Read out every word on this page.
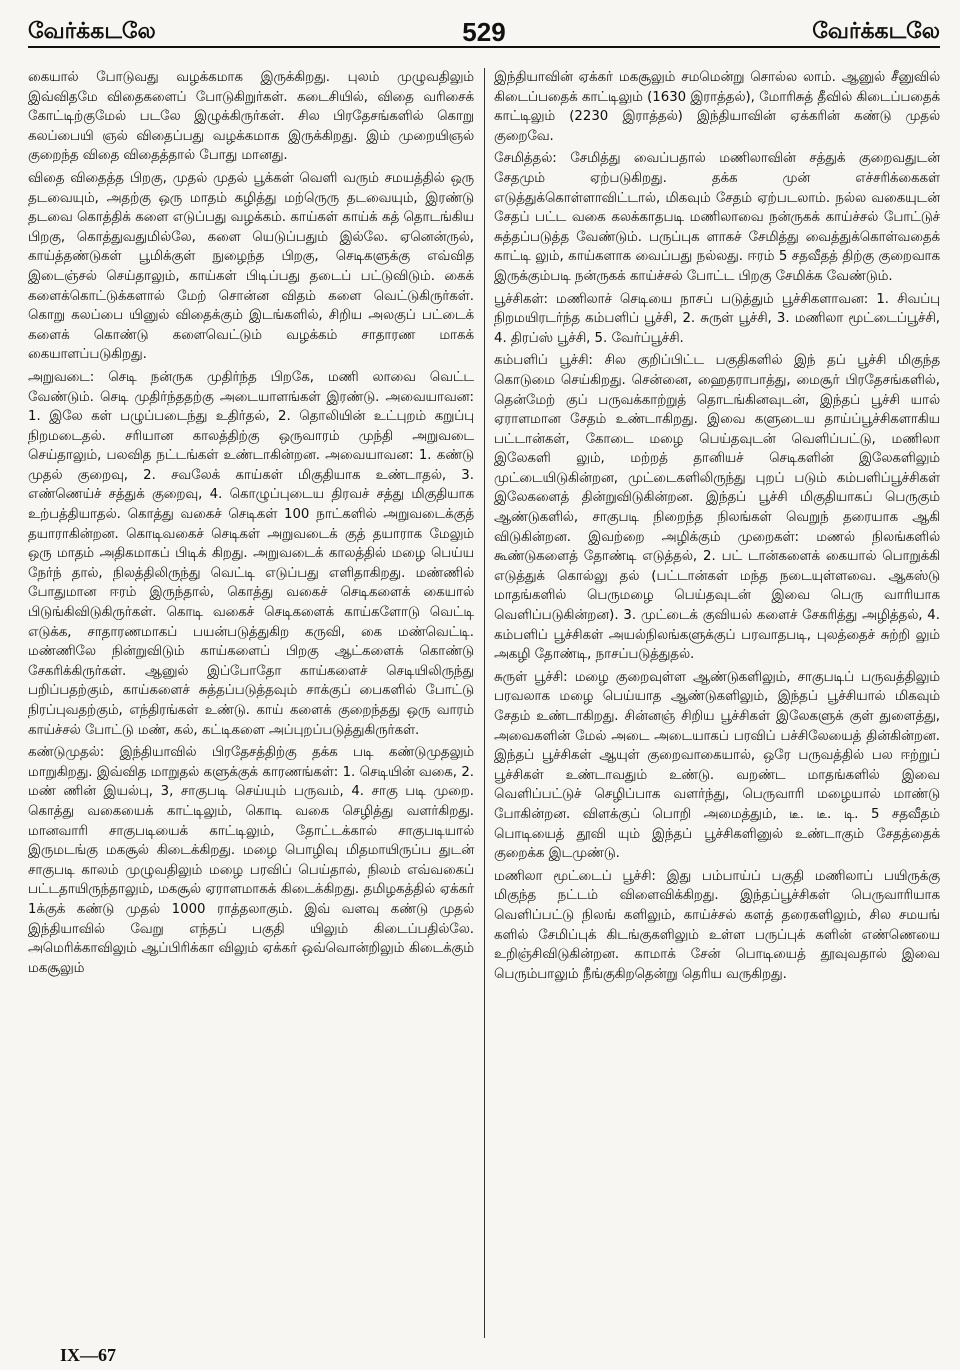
வேர்க்கடலே	529	வேர்க்கடலே

கையால் போடுவது வழக்கமாக இருக்கிறது. புலம் முழுவதிலும் இவ்விதமே விதைகளைப் போடுகிறுர்கள். கடைசியில், விதை வரிசைக் கோட்டிற்குமேல் படலே இழுக்கிருர்கள். சில பிரதேசங்களில் கொறு கலப்பையி ஞல் விதைப்பது வழக்கமாக இருக்கிறது. இம் முறையிஞல் குறைந்த விதை விதைத்தால் போது மானது.

விதை விதைத்த பிறகு, முதல் முதல் பூக்கள் வெளி வரும் சமயத்தில் ஒரு தடவையும், அதற்கு ஒரு மாதம் கழித்து மற்ருெரு தடவையும், இரண்டு தடவை கொத்திக் களை எடுப்பது வழக்கம். காய்கள் காய்க் கத் தொடங்கிய பிறகு, கொத்துவதுமில்லே, களை யெடுப்பதும் இல்லே. ஏனென்ருல், காய்த்தண்டுகள் பூமிக்குள் நுழைந்த பிறகு, செடிகளுக்கு எவ்வித இடைஞ்சல் செய்தாலும், காய்கள் பிடிப்பது தடைப் பட்டுவிடும். கைக் களைக்கொட்டுக்களால் மேற் சொன்ன விதம் களை வெட்டுகிருர்கள். கொறு கலப்பை யினுல் விதைக்கும் இடங்களில், சிறிய அலகுப் பட்டைக் களைக் கொண்டு களைவெட்டும் வழக்கம் சாதாரண மாகக் கையாளப்படுகிறது.

அறுவடை: செடி நன்ருக முதிர்ந்த பிறகே, மணி லாவை வெட்ட வேண்டும். செடி முதிர்ந்ததற்கு அடையாளங்கள் இரண்டு. அவையாவன: 1. இலே கள் பழுப்படைந்து உதிர்தல், 2. தொலியின் உட்புறம் கறுப்பு நிறமடைதல். சரியான காலத்திற்கு ஒருவாரம் முந்தி அறுவடை செய்தாலும், பலவித நட்டங்கள் உண்டாகின்றன. அவையாவன: 1. கண்டு முதல் குறைவு, 2. சவலேக் காய்கள் மிகுதியாக உண்டாதல், 3. எண்ணெய்ச் சத்துக் குறைவு, 4. கொழுப்புடைய திரவச் சத்து மிகுதியாக உற்பத்தியாதல். கொத்து வகைச் செடிகள் 100 நாட்களில் அறுவடைக்குத் தயாராகின்றன. கொடிவகைச் செடிகள் அறுவடைக் குத் தயாராக மேலும் ஒரு மாதம் அதிகமாகப் பிடிக் கிறது. அறுவடைக் காலத்தில் மழை பெய்ய நேர்ந் தால், நிலத்திலிருந்து வெட்டி எடுப்பது எளிதாகிறது. மண்ணில் போதுமான ஈரம் இருந்தால், கொத்து வகைச் செடிகளைக் கையால் பிடுங்கிவிடுகிருர்கள். கொடி வகைச் செடிகளைக் காய்களோடு வெட்டி எடுக்க, சாதாரணமாகப் பயன்படுத்துகிற கருவி, கை மண்வெட்டி. மண்ணிலே நின்றுவிடும் காய்களைப் பிறகு ஆட்களைக் கொண்டு சேகரிக்கிருர்கள். ஆனுல் இப்போதோ காய்களைச் செடியிலிருந்து பறிப்பதற்கும், காய்களைச் சுத்தப்படுத்தவும் சாக்குப் பைகளில் போட்டு நிரப்புவதற்கும், எந்திரங்கள் உண்டு. காய் களைக் குறைந்தது ஒரு வாரம் காய்ச்சல் போட்டு மண், கல், கட்டிகளை அப்புறப்படுத்துகிருர்கள்.

கண்டுமுதல்: இந்தியாவில் பிரதேசத்திற்கு தக்க படி கண்டுமுதலும் மாறுகிறது. இவ்வித மாறுதல் களுக்குக் காரணங்கள்: 1. செடியின் வகை, 2. மண் ணின் இயல்பு, 3, சாகுபடி செய்யும் பருவம், 4. சாகு படி முறை. கொத்து வகையைக் காட்டிலும், கொடி வகை செழித்து வளர்கிறது. மானவாரி சாகுபடியைக் காட்டிலும், தோட்டக்கால் சாகுபடியால் இருமடங்கு மகசூல் கிடைக்கிறது. மழை பொழிவு மிதமாயிருப்ப துடன் சாகுபடி காலம் முழுவதிலும் மழை பரவிப் பெய்தால், நிலம் எவ்வகைப் பட்டதாயிருந்தாலும், மகசூல் ஏராளமாகக் கிடைக்கிறது. தமிழகத்தில் ஏக்கர் 1க்குக் கண்டு முதல் 1000 ராத்தலாகும். இவ் வளவு கண்டு முதல் இந்தியாவில் வேறு எந்தப் பகுதி யிலும் கிடைப்பதில்லே. அமெரிக்காவிலும் ஆப்பிரிக்கா விலும் ஏக்கர் ஒவ்வொன்றிலும் கிடைக்கும் மகசூலும்

இந்தியாவின் ஏக்கர் மகசூலும் சமமென்று சொல்ல லாம். ஆனுல் சீனுவில் கிடைப்பதைக் காட்டிலும் (1630 இராத்தல்), மோரிசுத் தீவில் கிடைப்பதைக் காட்டிலும் (2230 இராத்தல்) இந்தியாவின் ஏக்கரின் கண்டு முதல் குறைவே.

சேமித்தல்: சேமித்து வைப்பதால் மணிலாவின் சத்துக் குறைவதுடன் சேதமும் ஏற்படுகிறது. தக்க முன் எச்சரிக்கைகள் எடுத்துக்கொள்ளாவிட்டால், மிகவும் சேதம் ஏற்படலாம். நல்ல வகையுடன் சேதப் பட்ட வகை கலக்காதபடி மணிலாவை நன்ருகக் காய்ச்சல் போட்டுச் சுத்தப்படுத்த வேண்டும். பருப்புக ளாகச் சேமித்து வைத்துக்கொள்வதைக் காட்டி லும், காய்களாக வைப்பது நல்லது. ஈரம் 5 சதவீதத் திற்கு குறைவாக இருக்கும்படி நன்ருகக் காய்ச்சல் போட்ட பிறகு சேமிக்க வேண்டும்.

பூச்சிகள்: மணிலாச் செடியை நாசப் படுத்தும் பூச்சிகளாவன: 1. சிவப்பு நிறமயிரடர்ந்த கம்பளிப் பூச்சி, 2. சுருள் பூச்சி, 3. மணிலா மூட்டைப்பூச்சி, 4. திரப்ஸ் பூச்சி, 5. வேர்ப்பூச்சி.

கம்பளிப் பூச்சி: சில குறிப்பிட்ட பகுதிகளில் இந் தப் பூச்சி மிகுந்த கொடுமை செய்கிறது. சென்னை, ஹைதராபாத்து, மைசூர் பிரதேசங்களில், தென்மேற் குப் பருவக்காற்றுத் தொடங்கினவுடன், இந்தப் பூச்சி யால் ஏராளமான சேதம் உண்டாகிறது. இவை களுடைய தாய்ப்பூச்சிகளாகிய பட்டான்கள், கோடை மழை பெய்தவுடன் வெளிப்பட்டு, மணிலா இலேகளி லும், மற்றத் தானியச் செடிகளின் இலேகளிலும் முட்டையிடுகின்றன, முட்டைகளிலிருந்து புறப் படும் கம்பளிப்பூச்சிகள் இலேகளைத் தின்றுவிடுகின்றன. இந்தப் பூச்சி மிகுதியாகப் பெருகும் ஆண்டுகளில், சாகுபடி நிறைந்த நிலங்கள் வெறுந் தரையாக ஆகி விடுகின்றன. இவற்றை அழிக்கும் முறைகள்: மணல் நிலங்களில் கூண்டுகளைத் தோண்டி எடுத்தல், 2. பட் டான்களைக் கையால் பொறுக்கி எடுத்துக் கொல்லு தல் (பட்டான்கள் மந்த நடையுள்ளவை. ஆகஸ்டு மாதங்களில் பெருமழை பெய்தவுடன் இவை பெரு வாரியாக வெளிப்படுகின்றன). 3. முட்டைக் குவியல் களைச் சேகரித்து அழித்தல், 4. கம்பளிப் பூச்சிகள் அயல்நிலங்களுக்குப் பரவாதபடி, புலத்தைச் சுற்றி லும் அகழி தோண்டி, நாசப்படுத்துதல்.

சுருள் பூச்சி: மழை குறைவுள்ள ஆண்டுகளிலும், சாகுபடிப் பருவத்திலும் பரவலாக மழை பெய்யாத ஆண்டுகளிலும், இந்தப் பூச்சியால் மிகவும் சேதம் உண்டாகிறது. சின்னஞ் சிறிய பூச்சிகள் இலேகளுக் குள் துளைத்து, அவைகளின் மேல் அடை அடையாகப் பரவிப் பச்சிலேயைத் தின்கின்றன. இந்தப் பூச்சிகள் ஆயுள் குறைவாகையால், ஒரே பருவத்தில் பல ஈற்றுப் பூச்சிகள் உண்டாவதும் உண்டு. வறண்ட மாதங்களில் இவை வெளிப்பட்டுச் செழிப்பாக வளர்ந்து, பெருவாரி மழையால் மாண்டு போகின்றன. விளக்குப் பொறி அமைத்தும், டீ. டீ. டி. 5 சதவீதம் பொடியைத் தூவி யும் இந்தப் பூச்சிகளினுல் உண்டாகும் சேதத்தைக் குறைக்க இடமுண்டு.

மணிலா மூட்டைப் பூச்சி: இது பம்பாய்ப் பகுதி மணிலாப் பயிருக்கு மிகுந்த நட்டம் விளைவிக்கிறது. இந்தப்பூச்சிகள் பெருவாரியாக வெளிப்பட்டு நிலங் களிலும், காய்ச்சல் களத் தரைகளிலும், சில சமயங் களில் சேமிப்புக் கிடங்குகளிலும் உள்ள பருப்புக் களின் எண்ணெயை உறிஞ்சிவிடுகின்றன. காமாக் சேன் பொடியைத் தூவுவதால் இவை பெரும்பாலும் நீங்குகிறதென்று தெரிய வருகிறது.

IX—67
